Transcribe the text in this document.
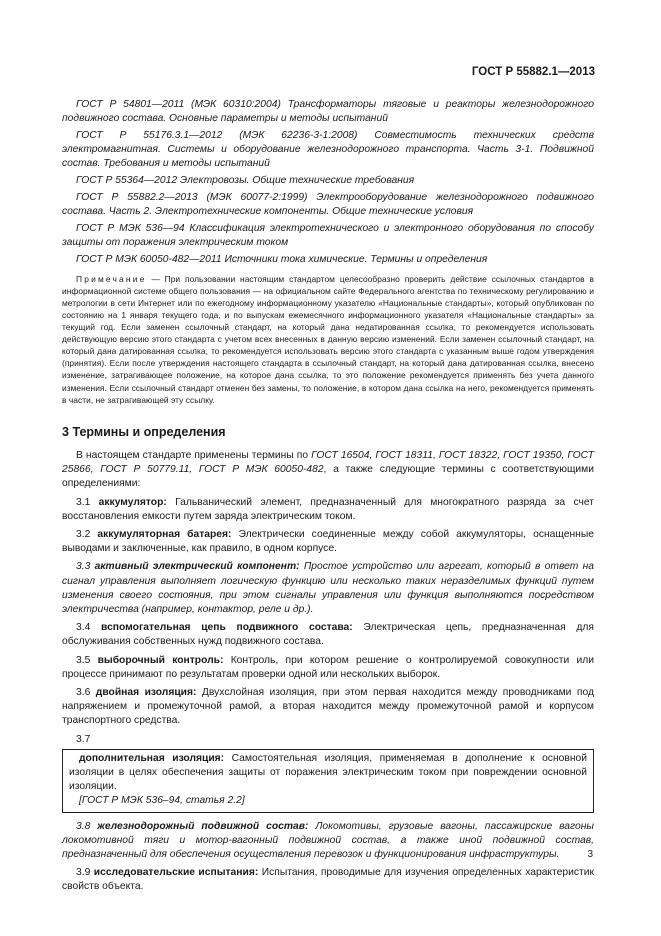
ГОСТ Р 55882.1—2013

ГОСТ Р 54801—2011 (МЭК 60310:2004) Трансформаторы тяговые и реакторы железнодорожного подвижного состава. Основные параметры и методы испытаний

ГОСТ Р 55176.3.1—2012 (МЭК 62236-3-1:2008) Совместимость технических средств электромагнитная. Системы и оборудование железнодорожного транспорта. Часть 3-1. Подвижной состав. Требования и методы испытаний

ГОСТ Р 55364—2012 Электровозы. Общие технические требования

ГОСТ Р 55882.2—2013 (МЭК 60077-2:1999) Электрооборудование железнодорожного подвижного состава. Часть 2. Электротехнические компоненты. Общие технические условия

ГОСТ Р МЭК 536—94 Классификация электротехнического и электронного оборудования по способу защиты от поражения электрическим током

ГОСТ Р МЭК 60050-482—2011 Источники тока химические. Термины и определения

Примечание — При пользовании настоящим стандартом целесообразно проверить действие ссылочных стандартов в информационной системе общего пользования — на официальном сайте Федерального агентства по техническому регулированию и метрологии в сети Интернет или по ежегодному информационному указателю «Национальные стандарты», который опубликован по состоянию на 1 января текущего года, и по выпускам ежемесячного информационного указателя «Национальные стандарты» за текущий год. Если заменен ссылочный стандарт, на который дана недатированная ссылка, то рекомендуется использовать действующую версию этого стандарта с учетом всех внесенных в данную версию изменений. Если заменен ссылочный стандарт, на который дана датированная ссылка, то рекомендуется использовать версию этого стандарта с указанным выше годом утверждения (принятия). Если после утверждения настоящего стандарта в ссылочный стандарт, на который дана датированная ссылка, внесено изменение, затрагивающее положение, на которое дана ссылка, то это положение рекомендуется применять без учета данного изменения. Если ссылочный стандарт отменен без замены, то положение, в котором дана ссылка на него, рекомендуется применять в части, не затрагивающей эту ссылку.

3 Термины и определения

В настоящем стандарте применены термины по ГОСТ 16504, ГОСТ 18311, ГОСТ 18322, ГОСТ 19350, ГОСТ 25866, ГОСТ Р 50779.11, ГОСТ Р МЭК 60050-482, а также следующие термины с соответствующими определениями:

3.1 аккумулятор: Гальванический элемент, предназначенный для многократного разряда за счет восстановления емкости путем заряда электрическим током.

3.2 аккумуляторная батарея: Электрически соединенные между собой аккумуляторы, оснащенные выводами и заключенные, как правило, в одном корпусе.

3.3 активный электрический компонент: Простое устройство или агрегат, который в ответ на сигнал управления выполняет логическую функцию или несколько таких неразделимых функций путем изменения своего состояния, при этом сигналы управления или функция выполняются посредством электричества (например, контактор, реле и др.).

3.4 вспомогательная цепь подвижного состава: Электрическая цепь, предназначенная для обслуживания собственных нужд подвижного состава.

3.5 выборочный контроль: Контроль, при котором решение о контролируемой совокупности или процессе принимают по результатам проверки одной или нескольких выборок.

3.6 двойная изоляция: Двухслойная изоляция, при этом первая находится между проводниками под напряжением и промежуточной рамой, а вторая находится между промежуточной рамой и корпусом транспортного средства.

3.7

дополнительная изоляция: Самостоятельная изоляция, применяемая в дополнение к основной изоляции в целях обеспечения защиты от поражения электрическим током при повреждении основной изоляции.

[ГОСТ Р МЭК 536–94, статья 2.2]

3.8 железнодорожный подвижной состав: Локомотивы, грузовые вагоны, пассажирские вагоны локомотивной тяги и мотор-вагонный подвижной состав, а также иной подвижной состав, предназначенный для обеспечения осуществления перевозок и функционирования инфраструктуры.

3.9 исследовательские испытания: Испытания, проводимые для изучения определенных характеристик свойств объекта.

3
